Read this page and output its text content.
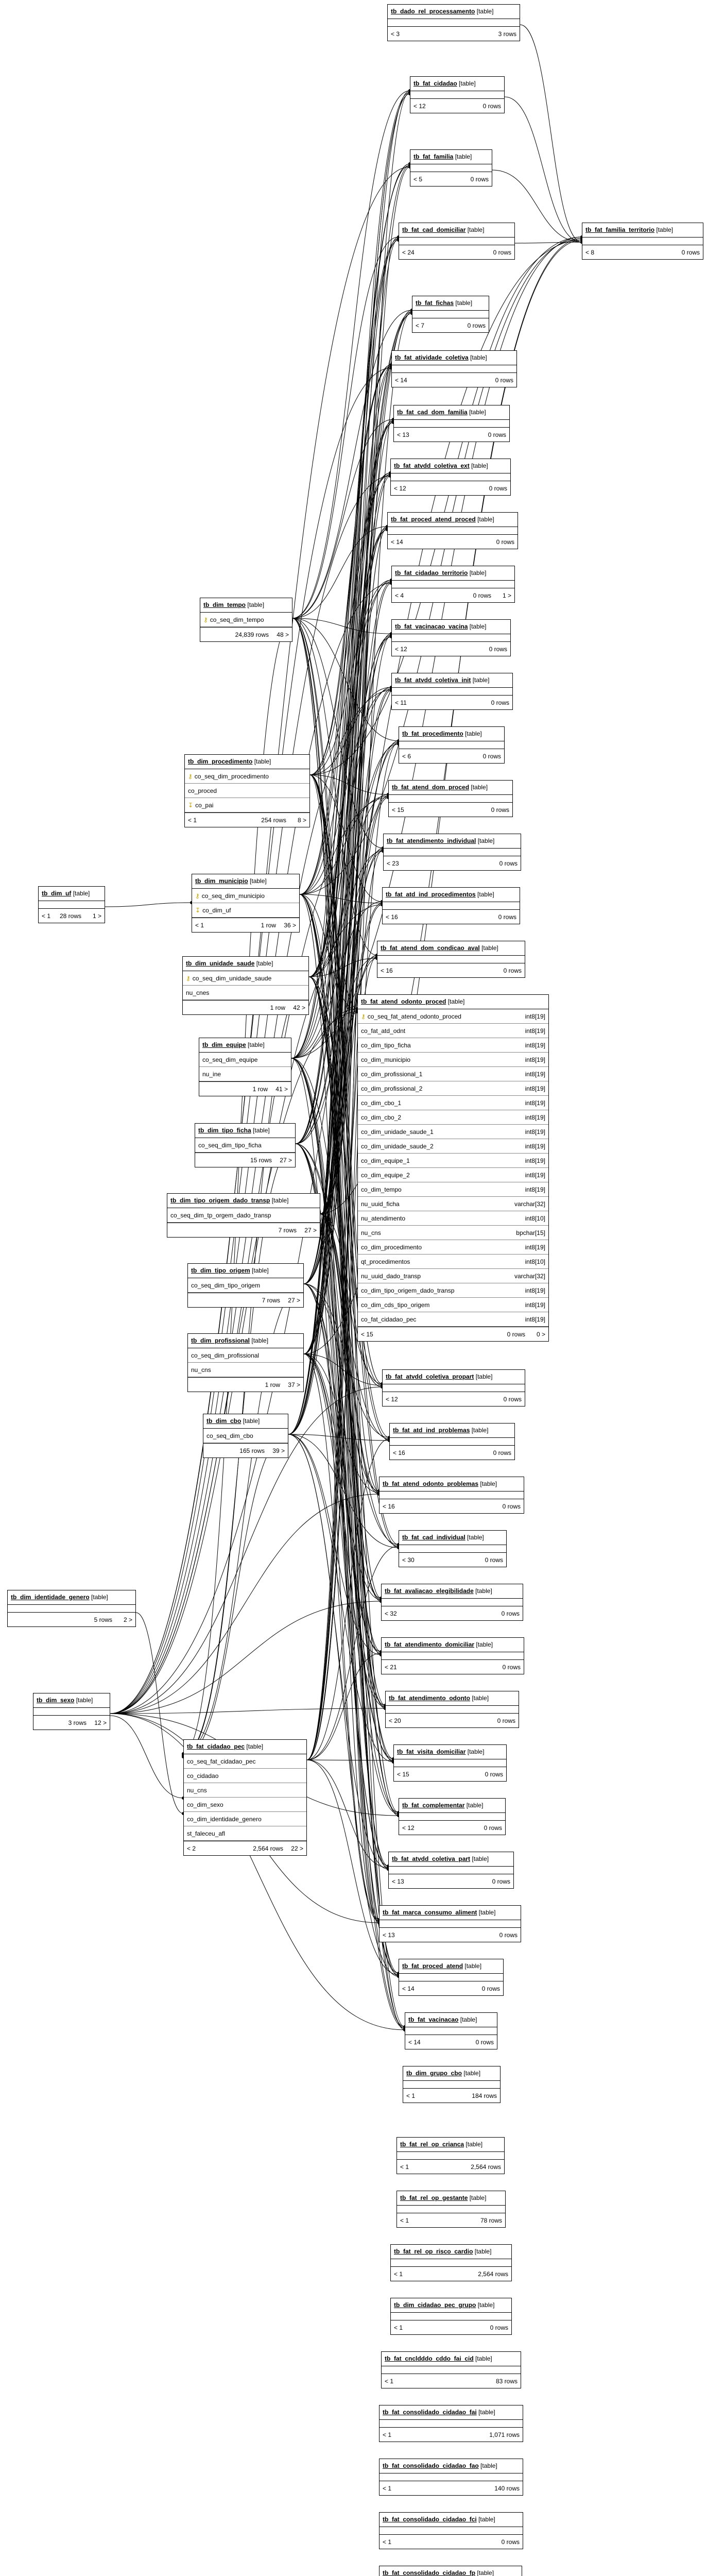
tb_dado_rel_processamento [table]
< 3	3 rows
tb_fat_cidadao [table]
< 12	0 rows
tb_fat_familia [table]
< 5	0 rows
tb_fat_cad_domiciliar [table]
< 24	0 rows
tb_fat_familia_territorio [table]
< 8	0 rows
tb_fat_fichas [table]
< 7	0 rows
tb_fat_atividade_coletiva [table]
< 14	0 rows
tb_fat_cad_dom_familia [table]
< 13	0 rows
tb_fat_atvdd_coletiva_ext [table]
< 12	0 rows
tb_fat_proced_atend_proced [table]
< 14	0 rows
tb_fat_cidadao_territorio [table]
< 4	0 rows 1 >
tb_fat_vacinacao_vacina [table]
< 12	0 rows
tb_fat_atvdd_coletiva_init [table]
< 11	0 rows
tb_fat_procedimento [table]
< 6	0 rows
tb_fat_atend_dom_proced [table]
< 15	0 rows
tb_fat_atendimento_individual [table]
< 23	0 rows
tb_fat_atd_ind_procedimentos [table]
< 16	0 rows
tb_fat_atend_dom_condicao_aval [table]
< 16	0 rows
tb_fat_atvdd_coletiva_propart [table]
< 12	0 rows
tb_fat_atd_ind_problemas [table]
< 16	0 rows
tb_fat_atend_odonto_problemas [table]
< 16	0 rows
tb_fat_cad_individual [table]
< 30	0 rows
tb_fat_avaliacao_elegibilidade [table]
< 32	0 rows
tb_fat_atendimento_domiciliar [table]
< 21	0 rows
tb_fat_atendimento_odonto [table]
< 20	0 rows
tb_fat_visita_domiciliar [table]
< 15	0 rows
tb_fat_complementar [table]
< 12	0 rows
tb_fat_atvdd_coletiva_part [table]
< 13	0 rows
tb_fat_marca_consumo_aliment [table]
< 13	0 rows
tb_fat_proced_atend [table]
< 14	0 rows
tb_fat_vacinacao [table]
< 14	0 rows
tb_dim_grupo_cbo [table]
< 1	184 rows
tb_fat_rel_op_crianca [table]
< 1	2,564 rows
tb_fat_rel_op_gestante [table]
< 1	78 rows
tb_fat_rel_op_risco_cardio [table]
< 1	2,564 rows
tb_dim_cidadao_pec_grupo [table]
< 1	0 rows
tb_fat_cncldddo_cddo_fai_cid [table]
< 1	83 rows
tb_fat_consolidado_cidadao_fai [table]
< 1	1,071 rows
tb_fat_consolidado_cidadao_fao [table]
< 1	140 rows
tb_fat_consolidado_cidadao_fci [table]
< 1	0 rows
tb_fat_consolidado_cidadao_fp [table]
tb_dim_tempo [table]
⚷ co_seq_dim_tempo
24,839 rows 48 >
tb_dim_procedimento [table]
⚷ co_seq_dim_procedimento
co_proced
↧ co_pai
< 1	254 rows 8 >
tb_dim_uf [table]
< 1 28 rows 1 >
tb_dim_municipio [table]
⚷ co_seq_dim_municipio
↧ co_dim_uf
< 1	1 row 36 >
tb_dim_unidade_saude [table]
⚷ co_seq_dim_unidade_saude
nu_cnes
1 row 42 >
tb_dim_equipe [table]
co_seq_dim_equipe
nu_ine
1 row 41 >
tb_dim_tipo_ficha [table]
co_seq_dim_tipo_ficha
15 rows 27 >
tb_dim_tipo_origem_dado_transp [table]
co_seq_dim_tp_orgem_dado_transp
7 rows 27 >
tb_dim_tipo_origem [table]
co_seq_dim_tipo_origem
7 rows 27 >
tb_dim_profissional [table]
co_seq_dim_profissional
nu_cns
1 row 37 >
tb_dim_cbo [table]
co_seq_dim_cbo
165 rows 39 >
tb_dim_identidade_genero [table]
5 rows 2 >
tb_dim_sexo [table]
3 rows 12 >
tb_fat_cidadao_pec [table]
co_seq_fat_cidadao_pec
co_cidadao
nu_cns
co_dim_sexo
co_dim_identidade_genero
st_faleceu_afl
< 2	2,564 rows 22 >
tb_fat_atend_odonto_proced [table]
⚷ co_seq_fat_atend_odonto_proced	int8[19]
co_fat_atd_odnt	int8[19]
co_dim_tipo_ficha	int8[19]
co_dim_municipio	int8[19]
co_dim_profissional_1	int8[19]
co_dim_profissional_2	int8[19]
co_dim_cbo_1	int8[19]
co_dim_cbo_2	int8[19]
co_dim_unidade_saude_1	int8[19]
co_dim_unidade_saude_2	int8[19]
co_dim_equipe_1	int8[19]
co_dim_equipe_2	int8[19]
co_dim_tempo	int8[19]
nu_uuid_ficha	varchar[32]
nu_atendimento	int8[10]
nu_cns	bpchar[15]
co_dim_procedimento	int8[19]
qt_procedimentos	int8[10]
nu_uuid_dado_transp	varchar[32]
co_dim_tipo_origem_dado_transp	int8[19]
co_dim_cds_tipo_origem	int8[19]
co_fat_cidadao_pec	int8[19]
< 15	0 rows 0 >
